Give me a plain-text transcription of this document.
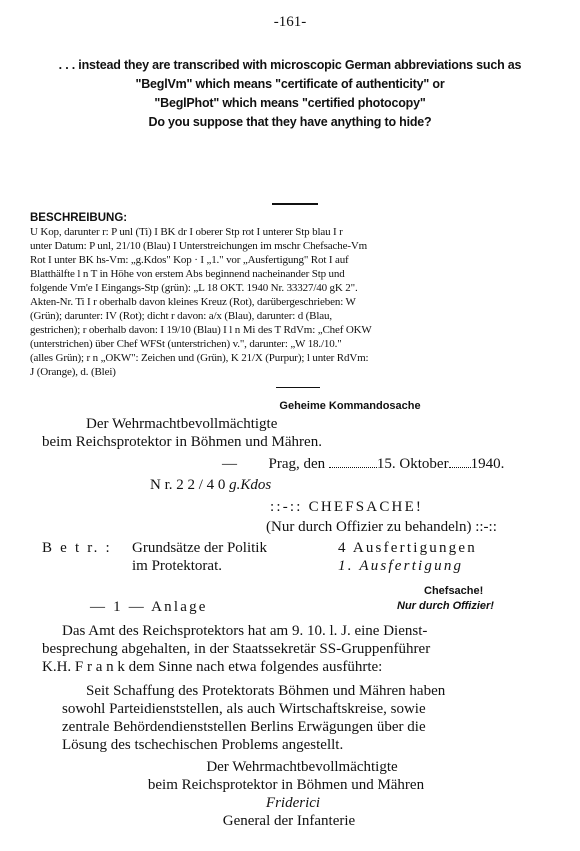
-161-
. . . instead they are transcribed with microscopic German abbreviations such as
"BeglVm" which means "certificate of authenticity" or
"BeglPhot" which means "certified photocopy"
Do you suppose that they have anything to hide?
BESCHREIBUNG:
U Kop, darunter r: P unl (Ti) I BK dr I oberer Stp rot I unterer Stp blau I r
unter Datum: P unl, 21/10 (Blau) I Unterstreichungen im mschr Chefsache-Vm
Rot I unter BK hs-Vm: „g.Kdos" Kop · I „1." vor „Ausfertigung" Rot I auf
Blatthälfte l n T in Höhe von erstem Abs beginnend nacheinander Stp und
folgende Vm'e I Eingangs-Stp (grün): „L 18 OKT. 1940 Nr. 33327/40 gK 2".
Akten-Nr. Ti I r oberhalb davon kleines Kreuz (Rot), darübergeschrieben: W
(Grün); darunter: IV (Rot); dicht r davon: a/x (Blau), darunter: d (Blau,
gestrichen); r oberhalb davon: I 19/10 (Blau) I l n Mi des T RdVm: „Chef OKW
(unterstrichen) über Chef WFSt (unterstrichen) v.", darunter: „W 18./10."
(alles Grün); r n „OKW": Zeichen und (Grün), K 21/X (Purpur); l unter RdVm:
J (Orange), d. (Blei)
Geheime Kommandosache
Der Wehrmachtbevollmächtigte
beim Reichsprotektor in Böhmen und Mähren.
— Prag, den	15. Oktober 1940.
N r. 2 2 / 4 0 g.Kdos
::-:: CHEFSACHE!
(Nur durch Offizier zu behandeln) ::-::
B e t r. : Grundsätze der Politik
im Protektorat.
4 Ausfertigungen
1. Ausfertigung
Chefsache!
Nur durch Offizier!
— 1 — Anlage
Das Amt des Reichsprotektors hat am 9. 10. l. J. eine Dienst-
besprechung abgehalten, in der Staatssekretär SS-Gruppenführer
K.H. F r a n k dem Sinne nach etwa folgendes ausführte:
Seit Schaffung des Protektorats Böhmen und Mähren haben
sowohl Parteidienststellen, als auch Wirtschaftskreise, sowie
zentrale Behördendienststellen Berlins Erwägungen über die
Lösung des tschechischen Problems angestellt.
Der Wehrmachtbevollmächtigte
beim Reichsprotektor in Böhmen und Mähren
Friderici
General der Infanterie
